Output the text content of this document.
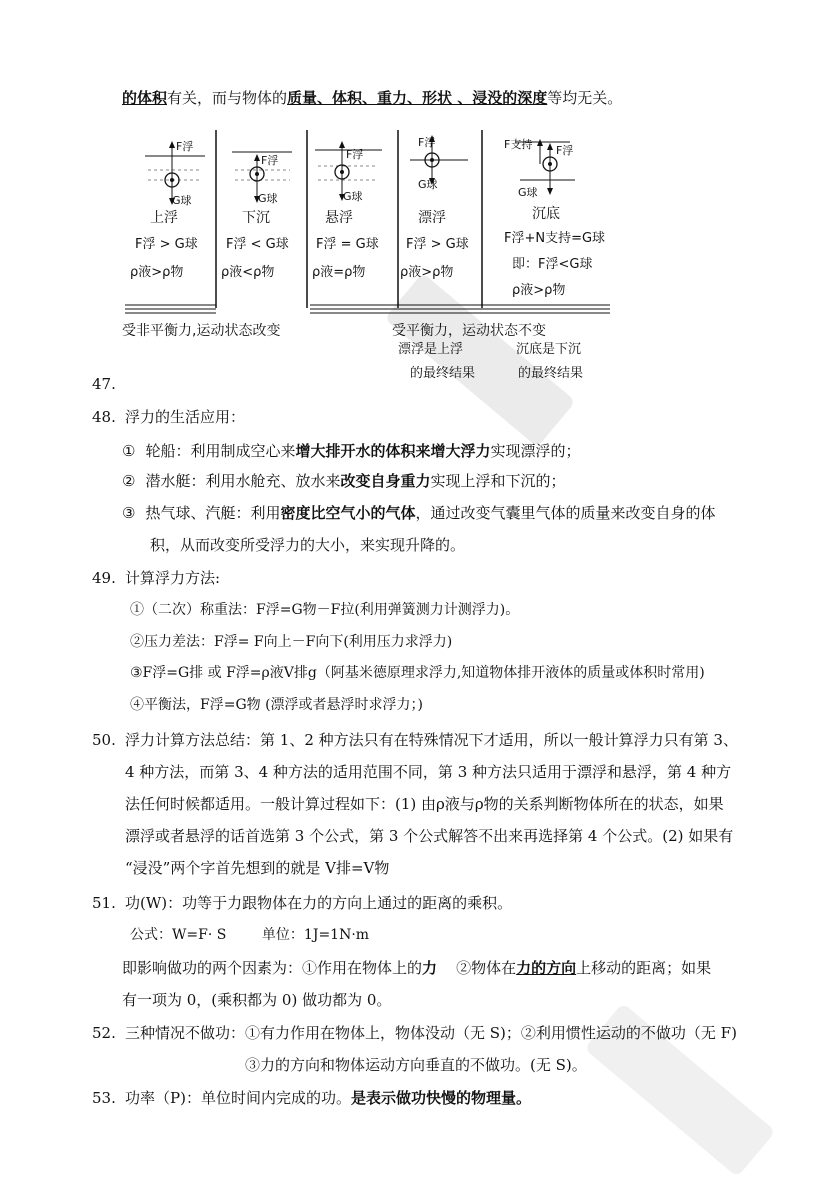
的体积有关，而与物体的质量、体积、重力、形状 、浸没的深度等均无关。
F浮
G球
上浮
F浮 > G球
ρ液>ρ物
F浮
G球
下沉
F浮 < G球
ρ液<ρ物
F浮
G球
悬浮
F浮 = G球
ρ液=ρ物
F浮
G球
漂浮
F浮 > G球
ρ液>ρ物
F支持 F浮
G球
沉底
F浮+N支持=G球
即：F浮<G球
ρ液>ρ物
受非平衡力,运动状态改变	受平衡力，运动状态不变
漂浮是上浮
的最终结果
沉底是下沉
的最终结果
47.
48. 浮力的生活应用：
① 轮船：利用制成空心来增大排开水的体积来增大浮力实现漂浮的；
② 潜水艇：利用水舱充、放水来改变自身重力实现上浮和下沉的；
③ 热气球、汽艇：利用密度比空气小的气体，通过改变气囊里气体的质量来改变自身的体
积，从而改变所受浮力的大小，来实现升降的。
49. 计算浮力方法:
①（二次）称重法：F浮=G物－F拉(利用弹簧测力计测浮力)。
②压力差法：F浮= F向上－F向下(利用压力求浮力)
③F浮=G排 或 F浮=ρ液V排g（阿基米德原理求浮力,知道物体排开液体的质量或体积时常用)
④平衡法，F浮=G物 (漂浮或者悬浮时求浮力；)
50. 浮力计算方法总结：第 1、2 种方法只有在特殊情况下才适用，所以一般计算浮力只有第 3、
4 种方法，而第 3、4 种方法的适用范围不同，第 3 种方法只适用于漂浮和悬浮，第 4 种方
法任何时候都适用。一般计算过程如下：(1) 由ρ液与ρ物的关系判断物体所在的状态，如果
漂浮或者悬浮的话首选第 3 个公式，第 3 个公式解答不出来再选择第 4 个公式。(2) 如果有
“浸没”两个字首先想到的就是 V排=V物
51. 功(W)：功等于力跟物体在力的方向上通过的距离的乘积。
公式：W=F· S        单位：1J=1N·m
即影响做功的两个因素为：①作用在物体上的力    ②物体在力的方向上移动的距离；如果
有一项为 0，(乘积都为 0) 做功都为 0。
52. 三种情况不做功：①有力作用在物体上，物体没动（无 S)；②利用惯性运动的不做功（无 F)
③力的方向和物体运动方向垂直的不做功。(无 S)。
53. 功率（P)：单位时间内完成的功。是表示做功快慢的物理量。
